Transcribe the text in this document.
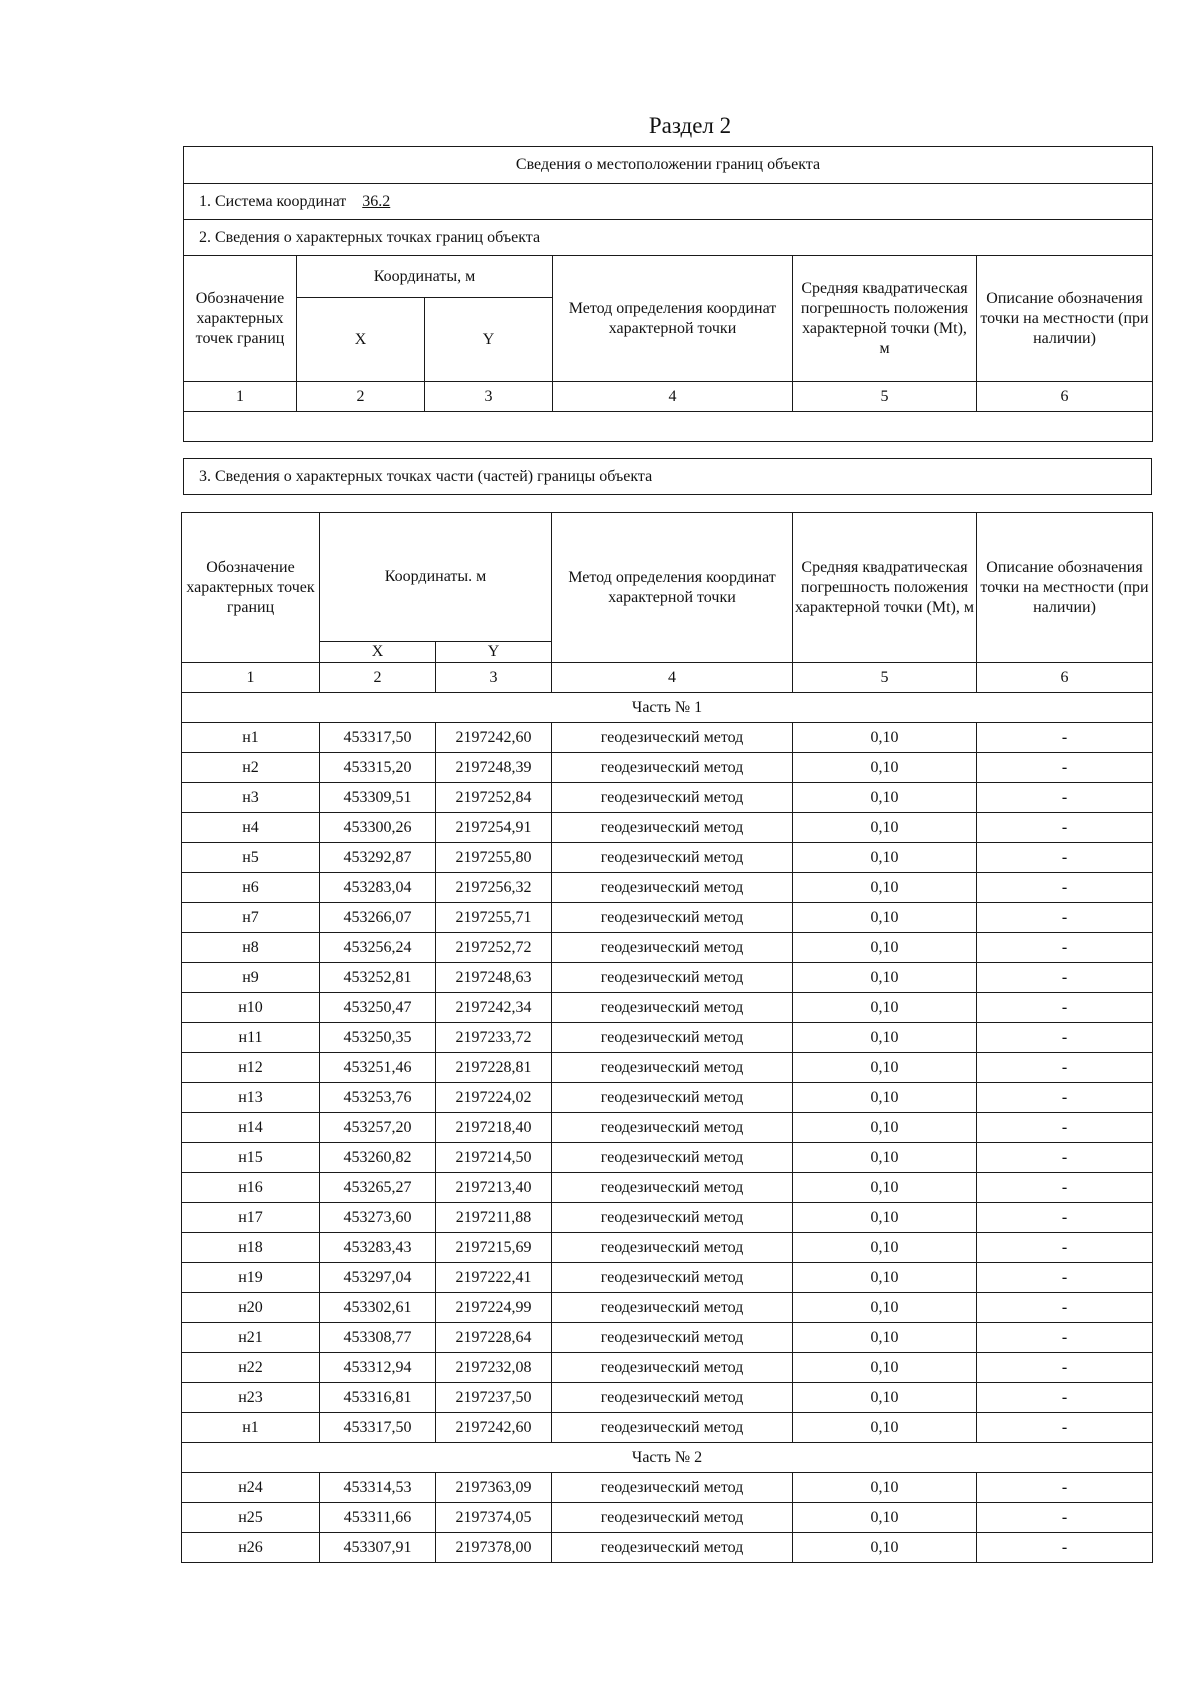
Раздел 2
Сведения о местоположении границ объекта					
1. Система координат 36.2					
2. Сведения о характерных точках границ объекта					
Обозначение характерных точек границ	Координаты, м		Метод определения координат характерной точки	Средняя квадратическая погрешность положения характерной точки (Mt), м	Описание обозначения точки на местности (при наличии)
	X	Y			
1	2	3	4	5	6

3. Сведения о характерных точках части (частей) границы объекта
Обозначение характерных точек границ	Координаты. м		Метод определения координат характерной точки	Средняя квадратическая погрешность положения характерной точки (Mt), м	Описание обозначения точки на местности (при наличии)
	X	Y			
1	2	3	4	5	6
Часть № 1					
н1	453317,50	2197242,60	геодезический метод	0,10	-
н2	453315,20	2197248,39	геодезический метод	0,10	-
н3	453309,51	2197252,84	геодезический метод	0,10	-
н4	453300,26	2197254,91	геодезический метод	0,10	-
н5	453292,87	2197255,80	геодезический метод	0,10	-
н6	453283,04	2197256,32	геодезический метод	0,10	-
н7	453266,07	2197255,71	геодезический метод	0,10	-
н8	453256,24	2197252,72	геодезический метод	0,10	-
н9	453252,81	2197248,63	геодезический метод	0,10	-
н10	453250,47	2197242,34	геодезический метод	0,10	-
н11	453250,35	2197233,72	геодезический метод	0,10	-
н12	453251,46	2197228,81	геодезический метод	0,10	-
н13	453253,76	2197224,02	геодезический метод	0,10	-
н14	453257,20	2197218,40	геодезический метод	0,10	-
н15	453260,82	2197214,50	геодезический метод	0,10	-
н16	453265,27	2197213,40	геодезический метод	0,10	-
н17	453273,60	2197211,88	геодезический метод	0,10	-
н18	453283,43	2197215,69	геодезический метод	0,10	-
н19	453297,04	2197222,41	геодезический метод	0,10	-
н20	453302,61	2197224,99	геодезический метод	0,10	-
н21	453308,77	2197228,64	геодезический метод	0,10	-
н22	453312,94	2197232,08	геодезический метод	0,10	-
н23	453316,81	2197237,50	геодезический метод	0,10	-
н1	453317,50	2197242,60	геодезический метод	0,10	-
Часть № 2					
н24	453314,53	2197363,09	геодезический метод	0,10	-
н25	453311,66	2197374,05	геодезический метод	0,10	-
н26	453307,91	2197378,00	геодезический метод	0,10	-
